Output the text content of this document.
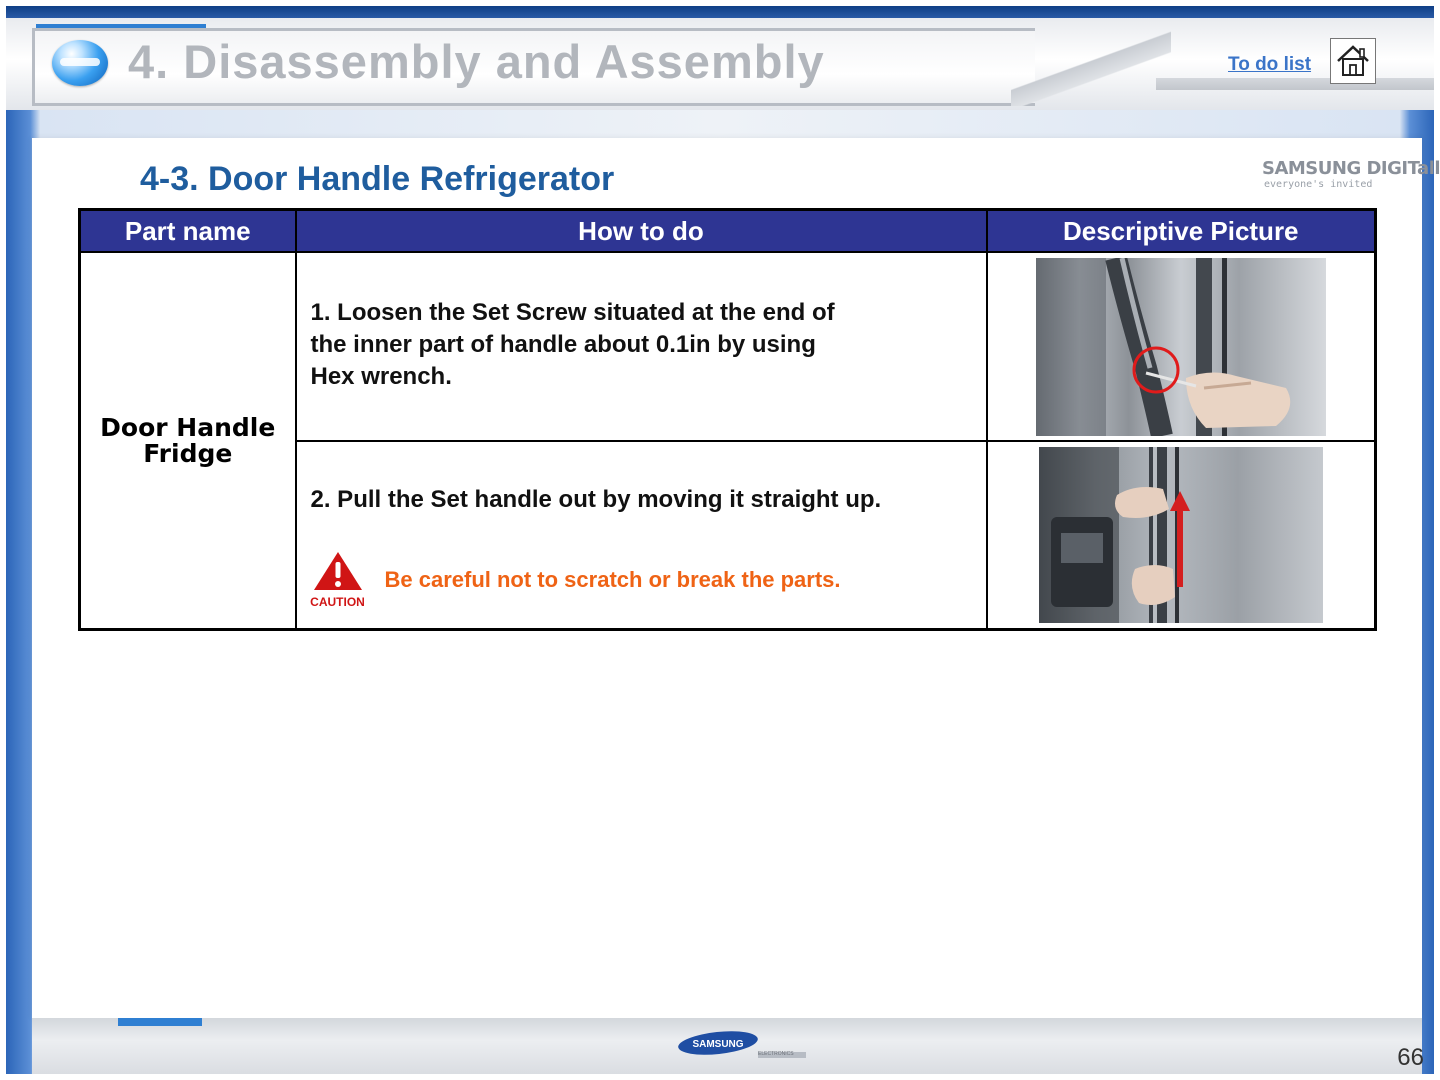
4. Disassembly and Assembly	To do list
SAMSUNG DIGITall
everyone's invited
4-3. Door Handle Refrigerator
Part name	How to do	Descriptive Picture
Door Handle
Fridge	1. Loosen the Set Screw situated at the end of
the inner part of handle about 0.1in by using
Hex wrench.

	2. Pull the Set handle out by moving it straight up.

CAUTION
Be careful not to scratch or break the parts.

SAMSUNG
ELECTRONICS	66
